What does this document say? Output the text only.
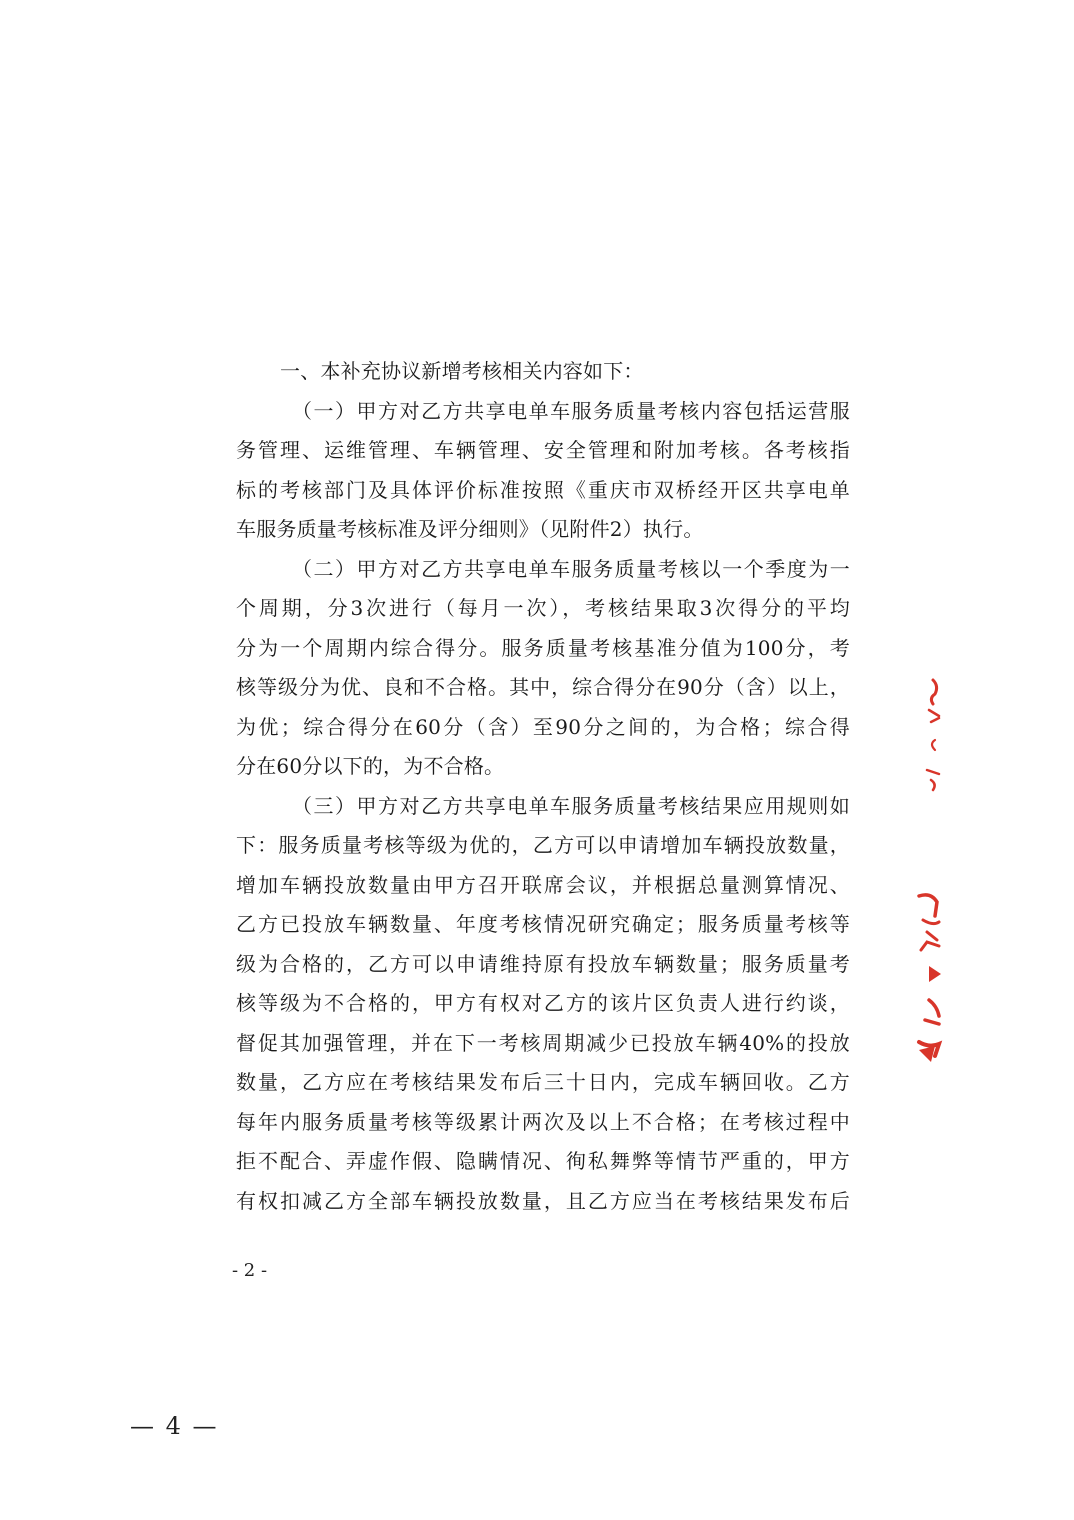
一、本补充协议新增考核相关内容如下：
（一）甲方对乙方共享电单车服务质量考核内容包括运营服
务管理、运维管理、车辆管理、安全管理和附加考核。各考核指
标的考核部门及具体评价标准按照《重庆市双桥经开区共享电单
车服务质量考核标准及评分细则》（见附件2）执行。
（二）甲方对乙方共享电单车服务质量考核以一个季度为一
个周期，分3次进行（每月一次），考核结果取3次得分的平均
分为一个周期内综合得分。服务质量考核基准分值为100分，考
核等级分为优、良和不合格。其中，综合得分在90分（含）以上，
为优；综合得分在60分（含）至90分之间的，为合格；综合得
分在60分以下的，为不合格。
（三）甲方对乙方共享电单车服务质量考核结果应用规则如
下：服务质量考核等级为优的，乙方可以申请增加车辆投放数量，
增加车辆投放数量由甲方召开联席会议，并根据总量测算情况、
乙方已投放车辆数量、年度考核情况研究确定；服务质量考核等
级为合格的，乙方可以申请维持原有投放车辆数量；服务质量考
核等级为不合格的，甲方有权对乙方的该片区负责人进行约谈，
督促其加强管理，并在下一考核周期减少已投放车辆40%的投放
数量，乙方应在考核结果发布后三十日内，完成车辆回收。乙方
每年内服务质量考核等级累计两次及以上不合格；在考核过程中
拒不配合、弄虚作假、隐瞒情况、徇私舞弊等情节严重的，甲方
有权扣减乙方全部车辆投放数量，且乙方应当在考核结果发布后
- 2 -
— 4 —
